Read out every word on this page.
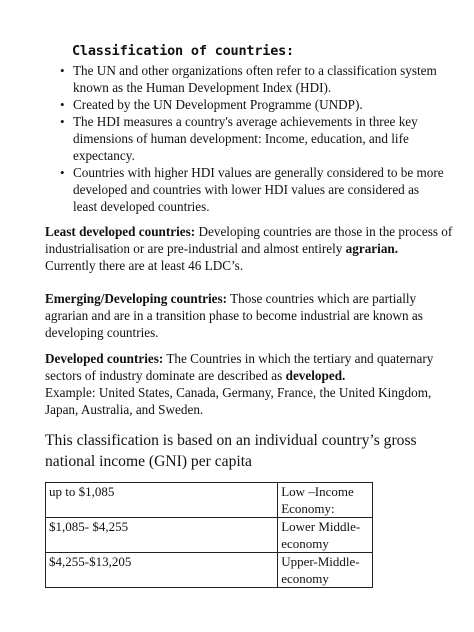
Classification of countries:
• The UN and other organizations often refer to a classification system known as the Human Development Index (HDI).
• Created by the UN Development Programme (UNDP).
• The HDI measures a country's average achievements in three key dimensions of human development: Income, education, and life expectancy.
• Countries with higher HDI values are generally considered to be more developed and countries with lower HDI values are considered as least developed countries.
Least developed countries: Developing countries are those in the process of industrialisation or are pre-industrial and almost entirely agrarian.
Currently there are at least 46 LDC’s.
Emerging/Developing countries: Those countries which are partially agrarian and are in a transition phase to become industrial are known as developing countries.
Developed countries: The Countries in which the tertiary and quaternary sectors of industry dominate are described as developed.
Example: United States, Canada, Germany, France, the United Kingdom, Japan, Australia, and Sweden.
This classification is based on an individual country’s gross national income (GNI) per capita
up to $1,085	Low –Income Economy:
$1,085- $4,255	Lower Middle-economy
$4,255-$13,205	Upper-Middle-economy
